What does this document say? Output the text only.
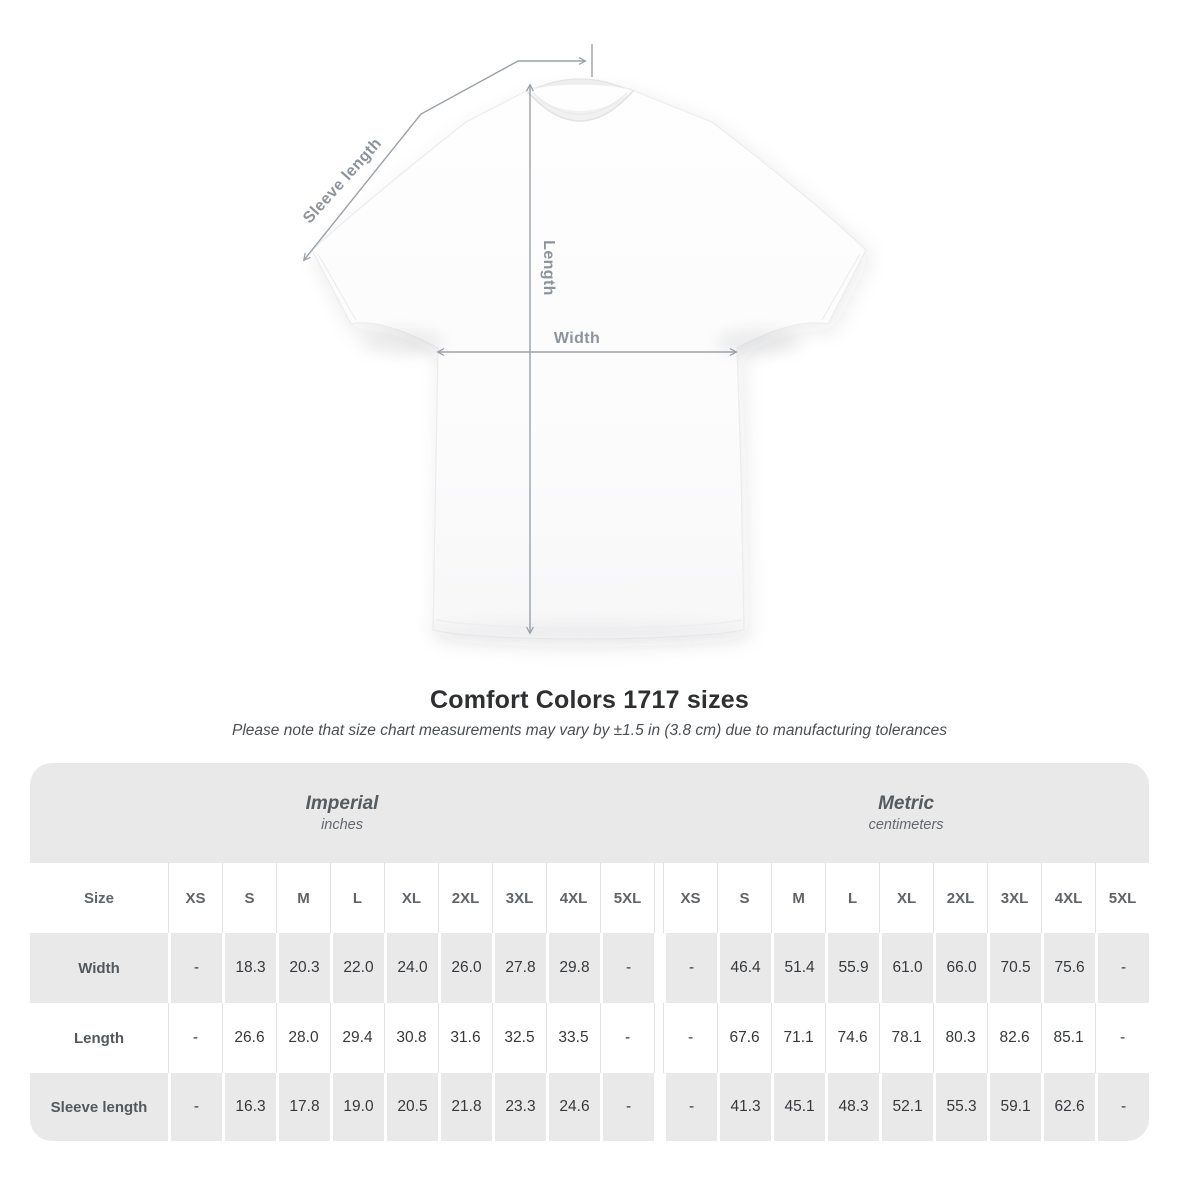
Sleeve length
Length
Width
Comfort Colors 1717 sizes

Please note that size chart measurements may vary by ±1.5 in (3.8 cm) due to manufacturing tolerances

Imperial
inches

Metric
centimeters

Size	XS	S	M	L	XL	2XL	3XL	4XL	5XL		XS	S	M	L	XL	2XL	3XL	4XL	5XL
Width	-	18.3	20.3	22.0	24.0	26.0	27.8	29.8	-		-	46.4	51.4	55.9	61.0	66.0	70.5	75.6	-
Length	-	26.6	28.0	29.4	30.8	31.6	32.5	33.5	-		-	67.6	71.1	74.6	78.1	80.3	82.6	85.1	-
Sleeve length	-	16.3	17.8	19.0	20.5	21.8	23.3	24.6	-		-	41.3	45.1	48.3	52.1	55.3	59.1	62.6	-
